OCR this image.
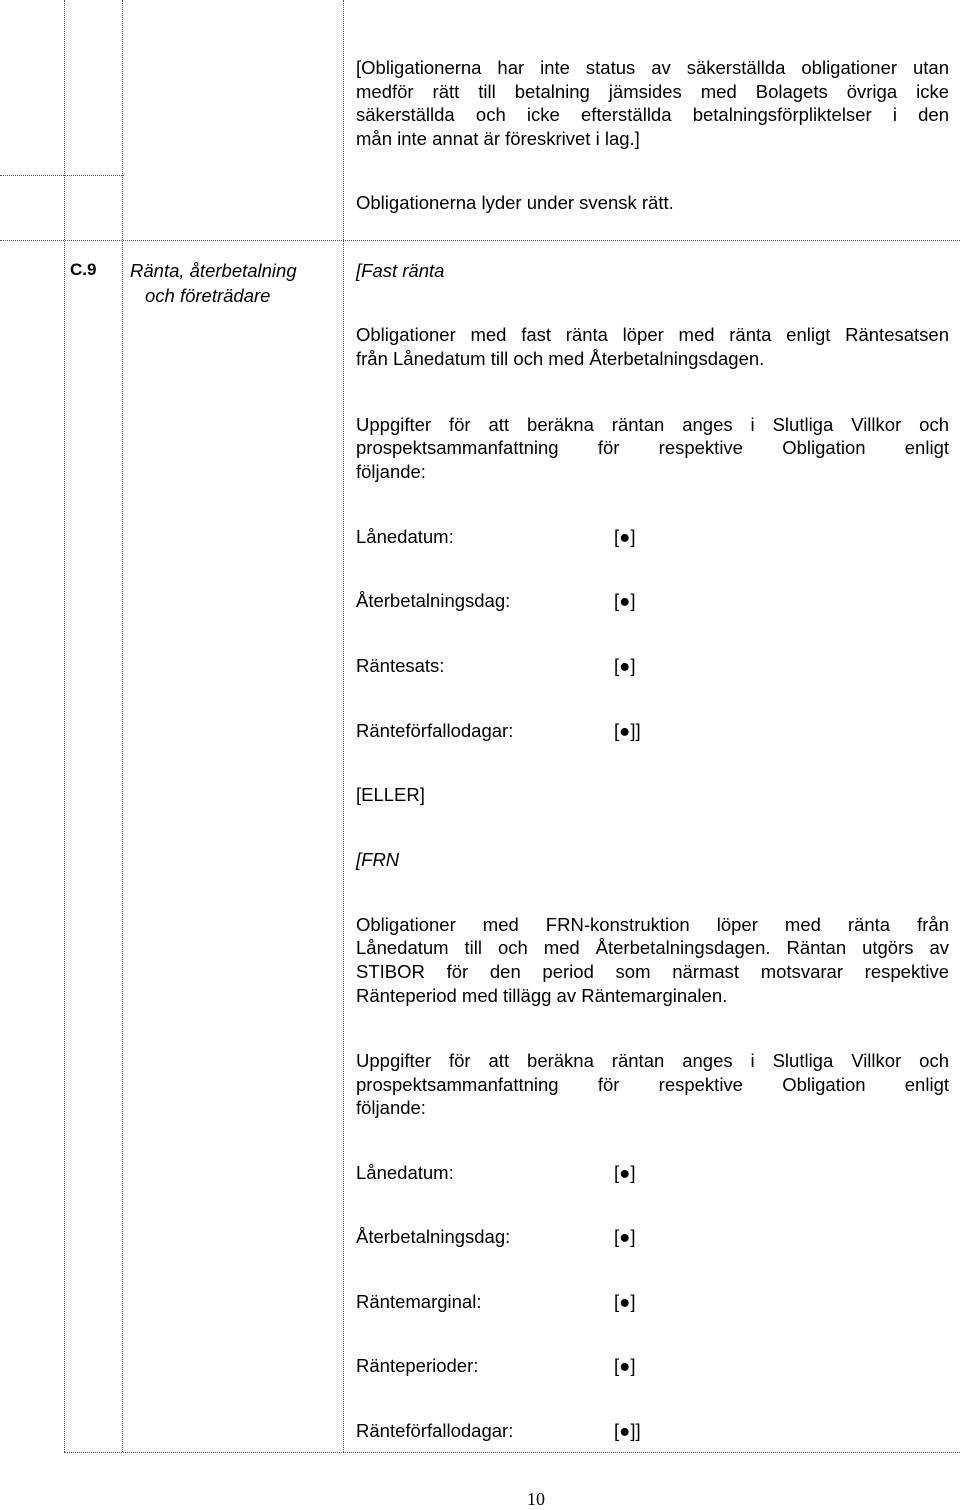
[Obligationerna har inte status av säkerställda obligationer utan
medför rätt till betalning jämsides med Bolagets övriga icke
säkerställda och icke efterställda betalningsförpliktelser i den
mån inte annat är föreskrivet i lag.]
Obligationerna lyder under svensk rätt.
C.9 Ränta, återbetalning
och företrädare
[Fast ränta
Obligationer med fast ränta löper med ränta enligt Räntesatsen
från Lånedatum till och med Återbetalningsdagen.
Uppgifter för att beräkna räntan anges i Slutliga Villkor och
prospektsammanfattning för respektive Obligation enligt
följande:
Lånedatum:	[●]
Återbetalningsdag:	[●]
Räntesats:	[●]
Ränteförfallodagar:	[●]]
[ELLER]
[FRN
Obligationer med FRN-konstruktion löper med ränta från
Lånedatum till och med Återbetalningsdagen. Räntan utgörs av
STIBOR för den period som närmast motsvarar respektive
Ränteperiod med tillägg av Räntemarginalen.
Uppgifter för att beräkna räntan anges i Slutliga Villkor och
prospektsammanfattning för respektive Obligation enligt
följande:
Lånedatum:	[●]
Återbetalningsdag:	[●]
Räntemarginal:	[●]
Ränteperioder:	[●]
Ränteförfallodagar:	[●]]
10
